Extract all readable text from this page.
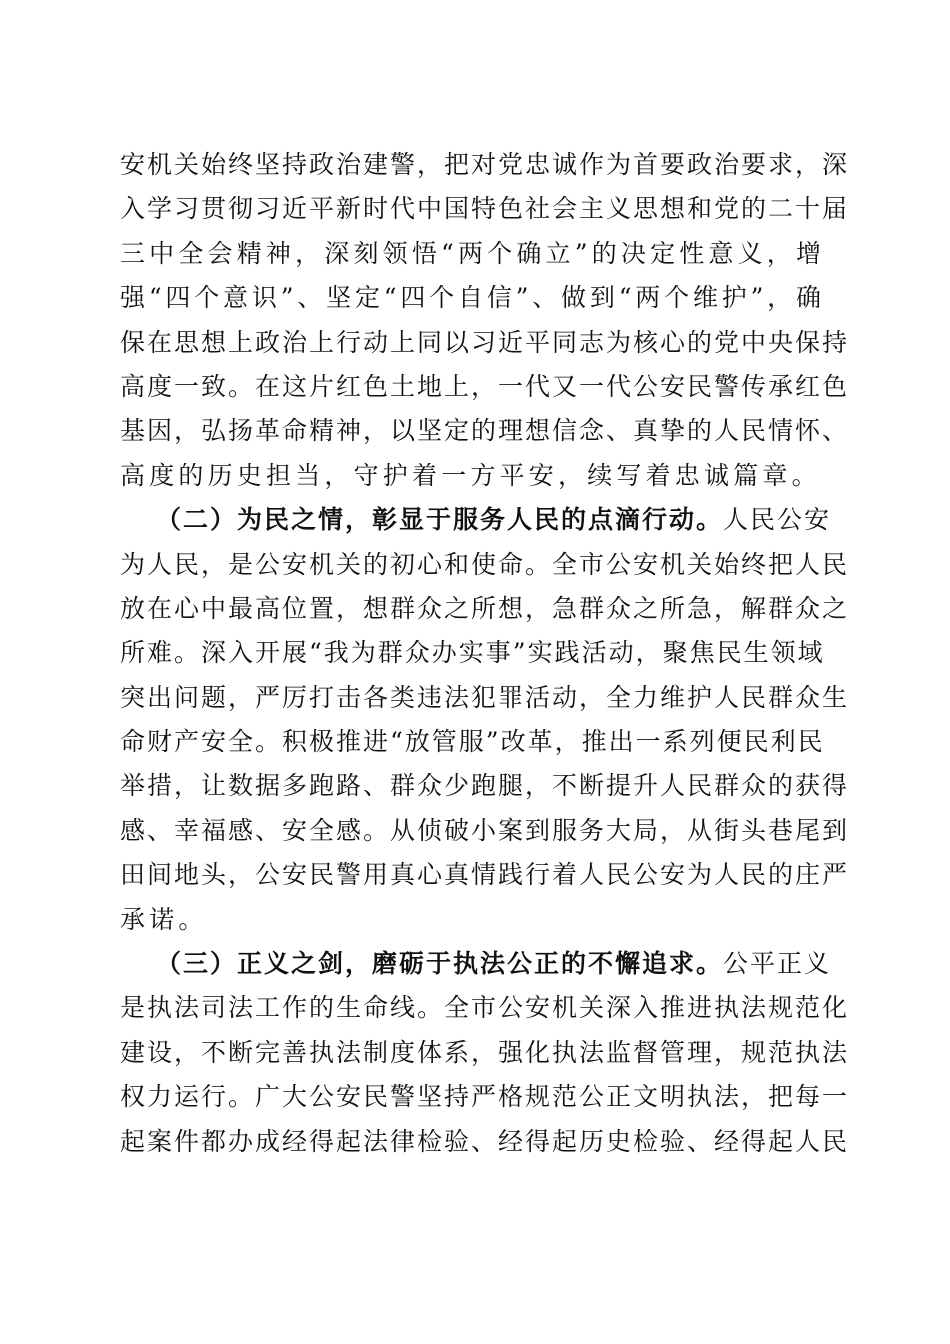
安机关始终坚持政治建警，把对党忠诚作为首要政治要求，深
入学习贯彻习近平新时代中国特色社会主义思想和党的二十届
三中全会精神，深刻领悟“两个确立”的决定性意义，增
强“四个意识”、坚定“四个自信”、做到“两个维护”，确
保在思想上政治上行动上同以习近平同志为核心的党中央保持
高度一致。在这片红色土地上，一代又一代公安民警传承红色
基因，弘扬革命精神，以坚定的理想信念、真挚的人民情怀、
高度的历史担当，守护着一方平安，续写着忠诚篇章。
（二）为民之情，彰显于服务人民的点滴行动。人民公安
为人民，是公安机关的初心和使命。全市公安机关始终把人民
放在心中最高位置，想群众之所想，急群众之所急，解群众之
所难。深入开展“我为群众办实事”实践活动，聚焦民生领域
突出问题，严厉打击各类违法犯罪活动，全力维护人民群众生
命财产安全。积极推进“放管服”改革，推出一系列便民利民
举措，让数据多跑路、群众少跑腿，不断提升人民群众的获得
感、幸福感、安全感。从侦破小案到服务大局，从街头巷尾到
田间地头，公安民警用真心真情践行着人民公安为人民的庄严
承诺。
（三）正义之剑，磨砺于执法公正的不懈追求。公平正义
是执法司法工作的生命线。全市公安机关深入推进执法规范化
建设，不断完善执法制度体系，强化执法监督管理，规范执法
权力运行。广大公安民警坚持严格规范公正文明执法，把每一
起案件都办成经得起法律检验、经得起历史检验、经得起人民
